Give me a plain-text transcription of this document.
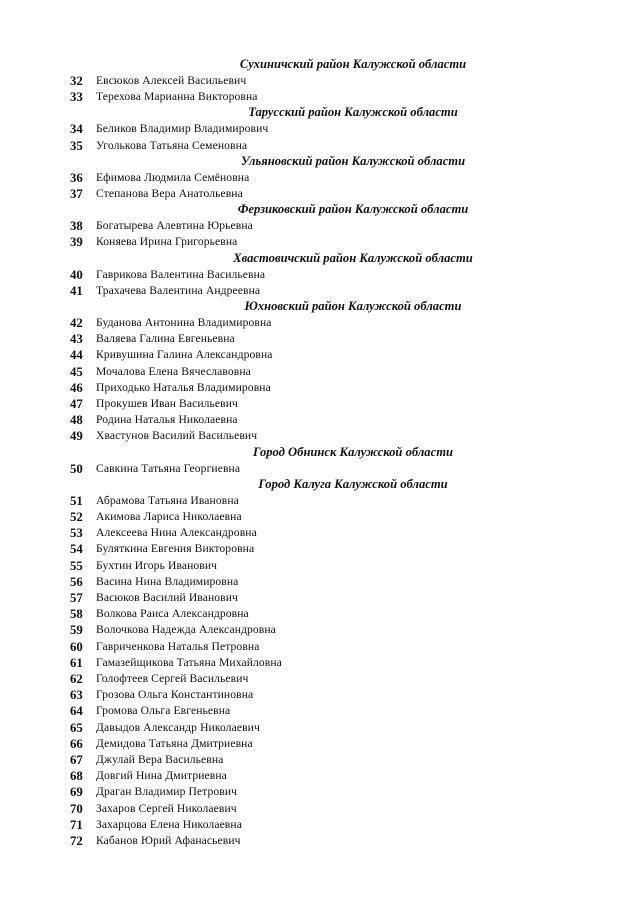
Сухиничский район Калужской области
32	Евсюков Алексей Васильевич
33	Терехова Марианна Викторовна
Тарусский район Калужской области
34	Беликов Владимир Владимирович
35	Уголькова Татьяна Семеновна
Ульяновский район Калужской области
36	Ефимова Людмила Семёновна
37	Степанова Вера Анатольевна
Ферзиковский район Калужской области
38	Богатырева Алевтина Юрьевна
39	Коняева Ирина Григорьевна
Хвастовичский район Калужской области
40	Гаврикова Валентина Васильевна
41	Трахачева Валентина Андреевна
Юхновский район Калужской области
42	Буданова Антонина Владимировна
43	Валяева Галина Евгеньевна
44	Кривушина Галина Александровна
45	Мочалова Елена Вячеславовна
46	Приходько Наталья Владимировна
47	Прокушев Иван Васильевич
48	Родина Наталья Николаевна
49	Хвастунов Василий Васильевич
Город Обнинск Калужской области
50	Савкина Татьяна Георгиевна
Город Калуга Калужской области
51	Абрамова Татьяна Ивановна
52	Акимова Лариса Николаевна
53	Алексеева Нина Александровна
54	Буляткина Евгения Викторовна
55	Бухтин Игорь Иванович
56	Васина Нина Владимировна
57	Васюков Василий Иванович
58	Волкова Раиса Александровна
59	Волочкова Надежда Александровна
60	Гавриченкова Наталья Петровна
61	Гамазейщикова Татьяна Михайловна
62	Голофтеев Сергей Васильевич
63	Грозова Ольга Константиновна
64	Громова Ольга Евгеньевна
65	Давыдов Александр Николаевич
66	Демидова Татьяна Дмитриевна
67	Джулай Вера Васильевна
68	Довгий Нина Дмитриевна
69	Драган Владимир Петрович
70	Захаров Сергей Николаевич
71	Захарцова Елена Николаевна
72	Кабанов Юрий Афанасьевич
